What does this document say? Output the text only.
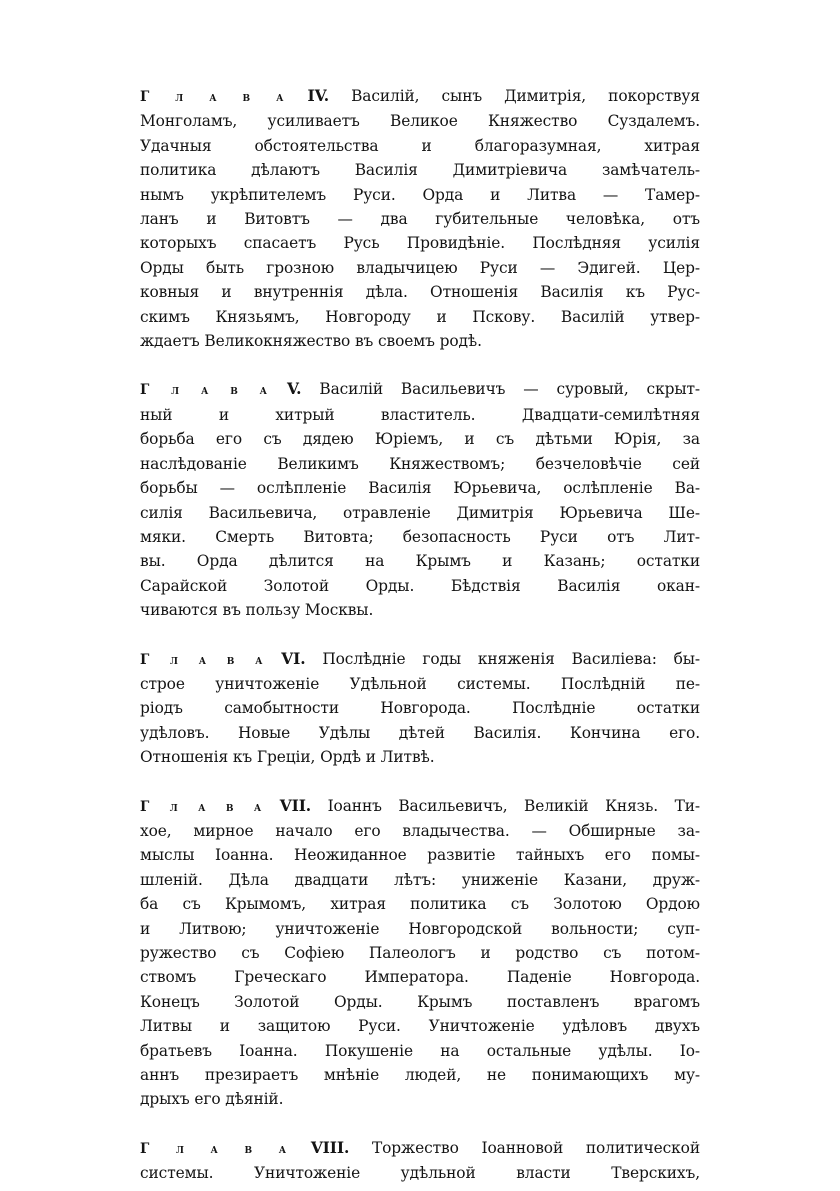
Г л а в а IV. Василій, сынъ Димитрія, покорствуя
Монголамъ, усиливаетъ Великое Княжество Суздалемъ.
Удачныя обстоятельства и благоразумная, хитрая
политика дѣлаютъ Василія Димитріевича замѣчатель-
нымъ укрѣпителемъ Руси. Орда и Литва — Тамер-
ланъ и Витовтъ — два губительные человѣка, отъ
которыхъ спасаетъ Русь Провидѣніе. Послѣдняя усилія
Орды быть грозною владычицею Руси — Эдигей. Цер-
ковныя и внутреннія дѣла. Отношенія Василія къ Рус-
скимъ Князьямъ, Новгороду и Пскову. Василій утвер-
ждаетъ Великокняжество въ своемъ родѣ.

Г л а в а V. Василій Васильевичъ — суровый, скрыт-
ный и хитрый властитель. Двадцати-семилѣтняя
борьба его съ дядею Юріемъ, и съ дѣтьми Юрія, за
наслѣдованіе Великимъ Княжествомъ; безчеловѣчіе сей
борьбы — ослѣпленіе Василія Юрьевича, ослѣпленіе Ва-
силія Васильевича, отравленіе Димитрія Юрьевича Ше-
мяки. Смерть Витовта; безопасность Руси отъ Лит-
вы. Орда дѣлится на Крымъ и Казань; остатки
Сарайской Золотой Орды. Бѣдствія Василія окан-
чиваются въ пользу Москвы.

Г л а в а VI. Послѣдніе годы княженія Василіева: бы-
строе уничтоженіе Удѣльной системы. Послѣдній пе-
ріодъ самобытности Новгорода. Послѣдніе остатки
удѣловъ. Новые Удѣлы дѣтей Василія. Кончина его.
Отношенія къ Греціи, Ордѣ и Литвѣ.

Г л а в а VII. Іоаннъ Васильевичъ, Великій Князь. Ти-
хое, мирное начало его владычества. — Обширные за-
мыслы Іоанна. Неожиданное развитіе тайныхъ его помы-
шленій. Дѣла двадцати лѣтъ: униженіе Казани, друж-
ба съ Крымомъ, хитрая политика съ Золотою Ордою
и Литвою; уничтоженіе Новгородской вольности; суп-
ружество съ Софіею Палеологъ и родство съ потом-
ствомъ Греческаго Императора. Паденіе Новгорода.
Конецъ Золотой Орды. Крымъ поставленъ врагомъ
Литвы и защитою Руси. Уничтоженіе удѣловъ двухъ
братьевъ Іоанна. Покушеніе на остальные удѣлы. Іо-
аннъ презираетъ мнѣніе людей, не понимающихъ му-
дрыхъ его дѣяній.

Г л а в а VIII. Торжество Іоанновой политической
системы. Уничтоженіе удѣльной власти Тверскихъ,
